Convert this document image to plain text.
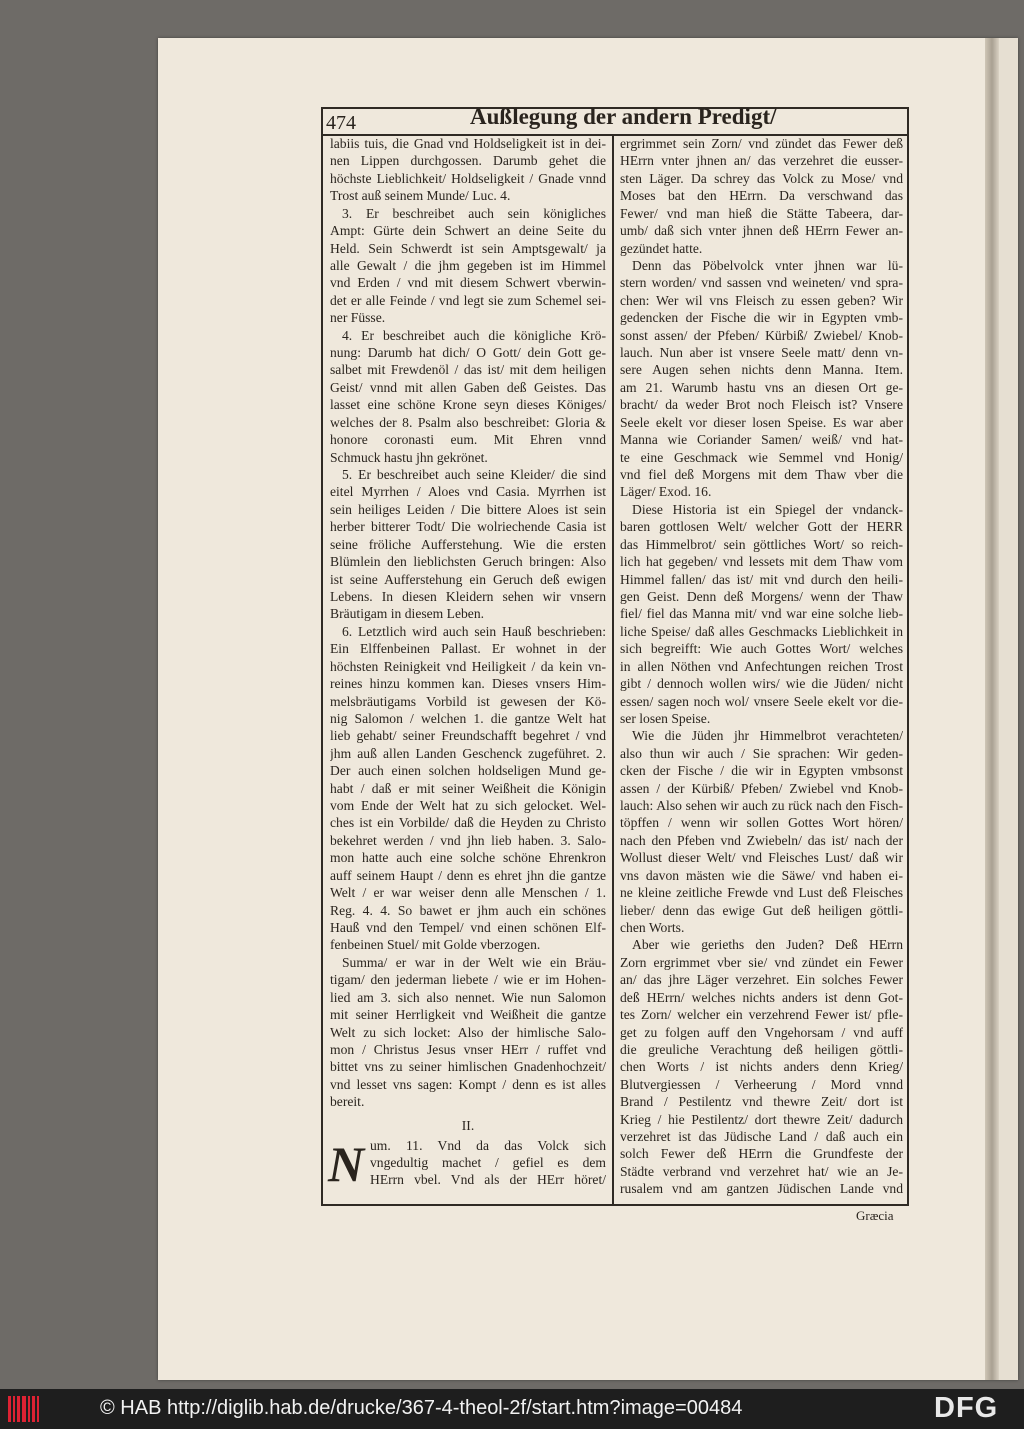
474	Außlegung der andern Predigt/
labiis tuis, die Gnad vnd Holdseligkeit ist in dei-
nen Lippen durchgossen. Darumb gehet die
höchste Lieblichkeit/ Holdseligkeit / Gnade vnnd
Trost auß seinem Munde/ Luc. 4.
3. Er beschreibet auch sein königliches
Ampt: Gürte dein Schwert an deine Seite du
Held. Sein Schwerdt ist sein Amptsgewalt/ ja
alle Gewalt / die jhm gegeben ist im Himmel
vnd Erden / vnd mit diesem Schwert vberwin-
det er alle Feinde / vnd legt sie zum Schemel sei-
ner Füsse.
4. Er beschreibet auch die königliche Krö-
nung: Darumb hat dich/ O Gott/ dein Gott ge-
salbet mit Frewdenöl / das ist/ mit dem heiligen
Geist/ vnnd mit allen Gaben deß Geistes. Das
lasset eine schöne Krone seyn dieses Königes/
welches der 8. Psalm also beschreibet: Gloria &
honore coronasti eum. Mit Ehren vnnd
Schmuck hastu jhn gekrönet.
5. Er beschreibet auch seine Kleider/ die sind
eitel Myrrhen / Aloes vnd Casia. Myrrhen ist
sein heiliges Leiden / Die bittere Aloes ist sein
herber bitterer Todt/ Die wolriechende Casia ist
seine fröliche Aufferstehung. Wie die ersten
Blümlein den lieblichsten Geruch bringen: Also
ist seine Aufferstehung ein Geruch deß ewigen
Lebens. In diesen Kleidern sehen wir vnsern
Bräutigam in diesem Leben.
6. Letztlich wird auch sein Hauß beschrieben:
Ein Elffenbeinen Pallast. Er wohnet in der
höchsten Reinigkeit vnd Heiligkeit / da kein vn-
reines hinzu kommen kan. Dieses vnsers Him-
melsbräutigams Vorbild ist gewesen der Kö-
nig Salomon / welchen 1. die gantze Welt hat
lieb gehabt/ seiner Freundschafft begehret / vnd
jhm auß allen Landen Geschenck zugeführet. 2.
Der auch einen solchen holdseligen Mund ge-
habt / daß er mit seiner Weißheit die Königin
vom Ende der Welt hat zu sich gelocket. Wel-
ches ist ein Vorbilde/ daß die Heyden zu Christo
bekehret werden / vnd jhn lieb haben. 3. Salo-
mon hatte auch eine solche schöne Ehrenkron
auff seinem Haupt / denn es ehret jhn die gantze
Welt / er war weiser denn alle Menschen / 1.
Reg. 4. 4. So bawet er jhm auch ein schönes
Hauß vnd den Tempel/ vnd einen schönen Elf-
fenbeinen Stuel/ mit Golde vberzogen.
Summa/ er war in der Welt wie ein Bräu-
tigam/ den jederman liebete / wie er im Hohen-
lied am 3. sich also nennet. Wie nun Salomon
mit seiner Herrligkeit vnd Weißheit die gantze
Welt zu sich locket: Also der himlische Salo-
mon / Christus Jesus vnser HErr / ruffet vnd
bittet vns zu seiner himlischen Gnadenhochzeit/
vnd lesset vns sagen: Kompt / denn es ist alles
bereit.
II.
N um. 11. Vnd da das Volck sich
vngedultig machet / gefiel es dem
HErrn vbel. Vnd als der HErr höret/
ergrimmet sein Zorn/ vnd zündet das Fewer deß
HErrn vnter jhnen an/ das verzehret die eusser-
sten Läger. Da schrey das Volck zu Mose/ vnd
Moses bat den HErrn. Da verschwand das
Fewer/ vnd man hieß die Stätte Tabeera, dar-
umb/ daß sich vnter jhnen deß HErrn Fewer an-
gezündet hatte.
Denn das Pöbelvolck vnter jhnen war lü-
stern worden/ vnd sassen vnd weineten/ vnd spra-
chen: Wer wil vns Fleisch zu essen geben? Wir
gedencken der Fische die wir in Egypten vmb-
sonst assen/ der Pfeben/ Kürbiß/ Zwiebel/ Knob-
lauch. Nun aber ist vnsere Seele matt/ denn vn-
sere Augen sehen nichts denn Manna. Item.
am 21. Warumb hastu vns an diesen Ort ge-
bracht/ da weder Brot noch Fleisch ist? Vnsere
Seele ekelt vor dieser losen Speise. Es war aber
Manna wie Coriander Samen/ weiß/ vnd hat-
te eine Geschmack wie Semmel vnd Honig/
vnd fiel deß Morgens mit dem Thaw vber die
Läger/ Exod. 16.
Diese Historia ist ein Spiegel der vndanck-
baren gottlosen Welt/ welcher Gott der HERR
das Himmelbrot/ sein göttliches Wort/ so reich-
lich hat gegeben/ vnd lessets mit dem Thaw vom
Himmel fallen/ das ist/ mit vnd durch den heili-
gen Geist. Denn deß Morgens/ wenn der Thaw
fiel/ fiel das Manna mit/ vnd war eine solche lieb-
liche Speise/ daß alles Geschmacks Lieblichkeit in
sich begreifft: Wie auch Gottes Wort/ welches
in allen Nöthen vnd Anfechtungen reichen Trost
gibt / dennoch wollen wirs/ wie die Jüden/ nicht
essen/ sagen noch wol/ vnsere Seele ekelt vor die-
ser losen Speise.
Wie die Jüden jhr Himmelbrot verachteten/
also thun wir auch / Sie sprachen: Wir geden-
cken der Fische / die wir in Egypten vmbsonst
assen / der Kürbiß/ Pfeben/ Zwiebel vnd Knob-
lauch: Also sehen wir auch zu rück nach den Fisch-
töpffen / wenn wir sollen Gottes Wort hören/
nach den Pfeben vnd Zwiebeln/ das ist/ nach der
Wollust dieser Welt/ vnd Fleisches Lust/ daß wir
vns davon mästen wie die Säwe/ vnd haben ei-
ne kleine zeitliche Frewde vnd Lust deß Fleisches
lieber/ denn das ewige Gut deß heiligen göttli-
chen Worts.
Aber wie gerieths den Juden? Deß HErrn
Zorn ergrimmet vber sie/ vnd zündet ein Fewer
an/ das jhre Läger verzehret. Ein solches Fewer
deß HErrn/ welches nichts anders ist denn Got-
tes Zorn/ welcher ein verzehrend Fewer ist/ pfle-
get zu folgen auff den Vngehorsam / vnd auff
die greuliche Verachtung deß heiligen göttli-
chen Worts / ist nichts anders denn Krieg/
Blutvergiessen / Verheerung / Mord vnnd
Brand / Pestilentz vnd thewre Zeit/ dort ist
Krieg / hie Pestilentz/ dort thewre Zeit/ dadurch
verzehret ist das Jüdische Land / daß auch ein
solch Fewer deß HErrn die Grundfeste der
Städte verbrand vnd verzehret hat/ wie an Je-
rusalem vnd am gantzen Jüdischen Lande vnd
Græcia
© HAB http://diglib.hab.de/drucke/367-4-theol-2f/start.htm?image=00484	DFG
